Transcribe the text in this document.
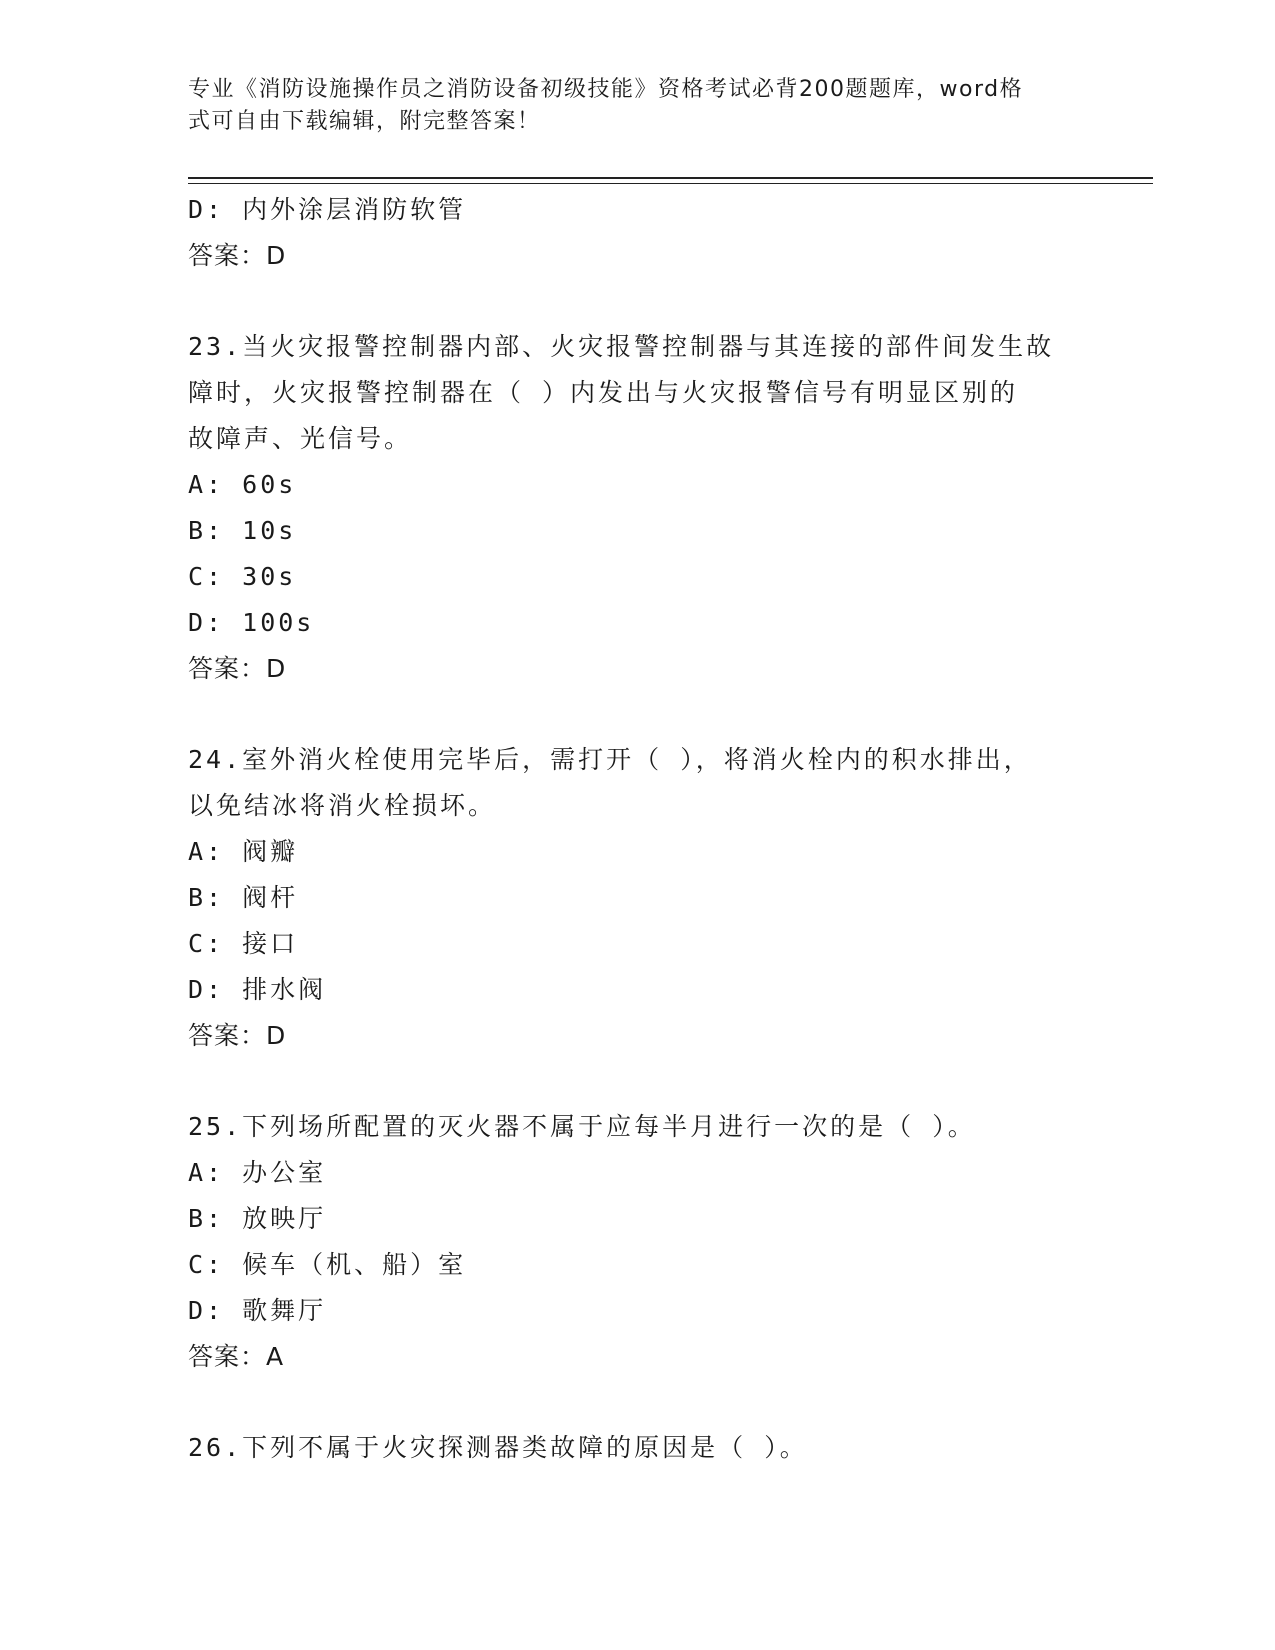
专业《消防设施操作员之消防设备初级技能》资格考试必背200题题库，word格
式可自由下载编辑，附完整答案！
D: 内外涂层消防软管
答案：D
23.当火灾报警控制器内部、火灾报警控制器与其连接的部件间发生故
障时，火灾报警控制器在（ ）内发出与火灾报警信号有明显区别的
故障声、光信号。
A: 60s
B: 10s
C: 30s
D: 100s
答案：D
24.室外消火栓使用完毕后，需打开（ ），将消火栓内的积水排出，
以免结冰将消火栓损坏。
A: 阀瓣
B: 阀杆
C: 接口
D: 排水阀
答案：D
25.下列场所配置的灭火器不属于应每半月进行一次的是（ ）。
A: 办公室
B: 放映厅
C: 候车（机、船）室
D: 歌舞厅
答案：A
26.下列不属于火灾探测器类故障的原因是（ ）。
